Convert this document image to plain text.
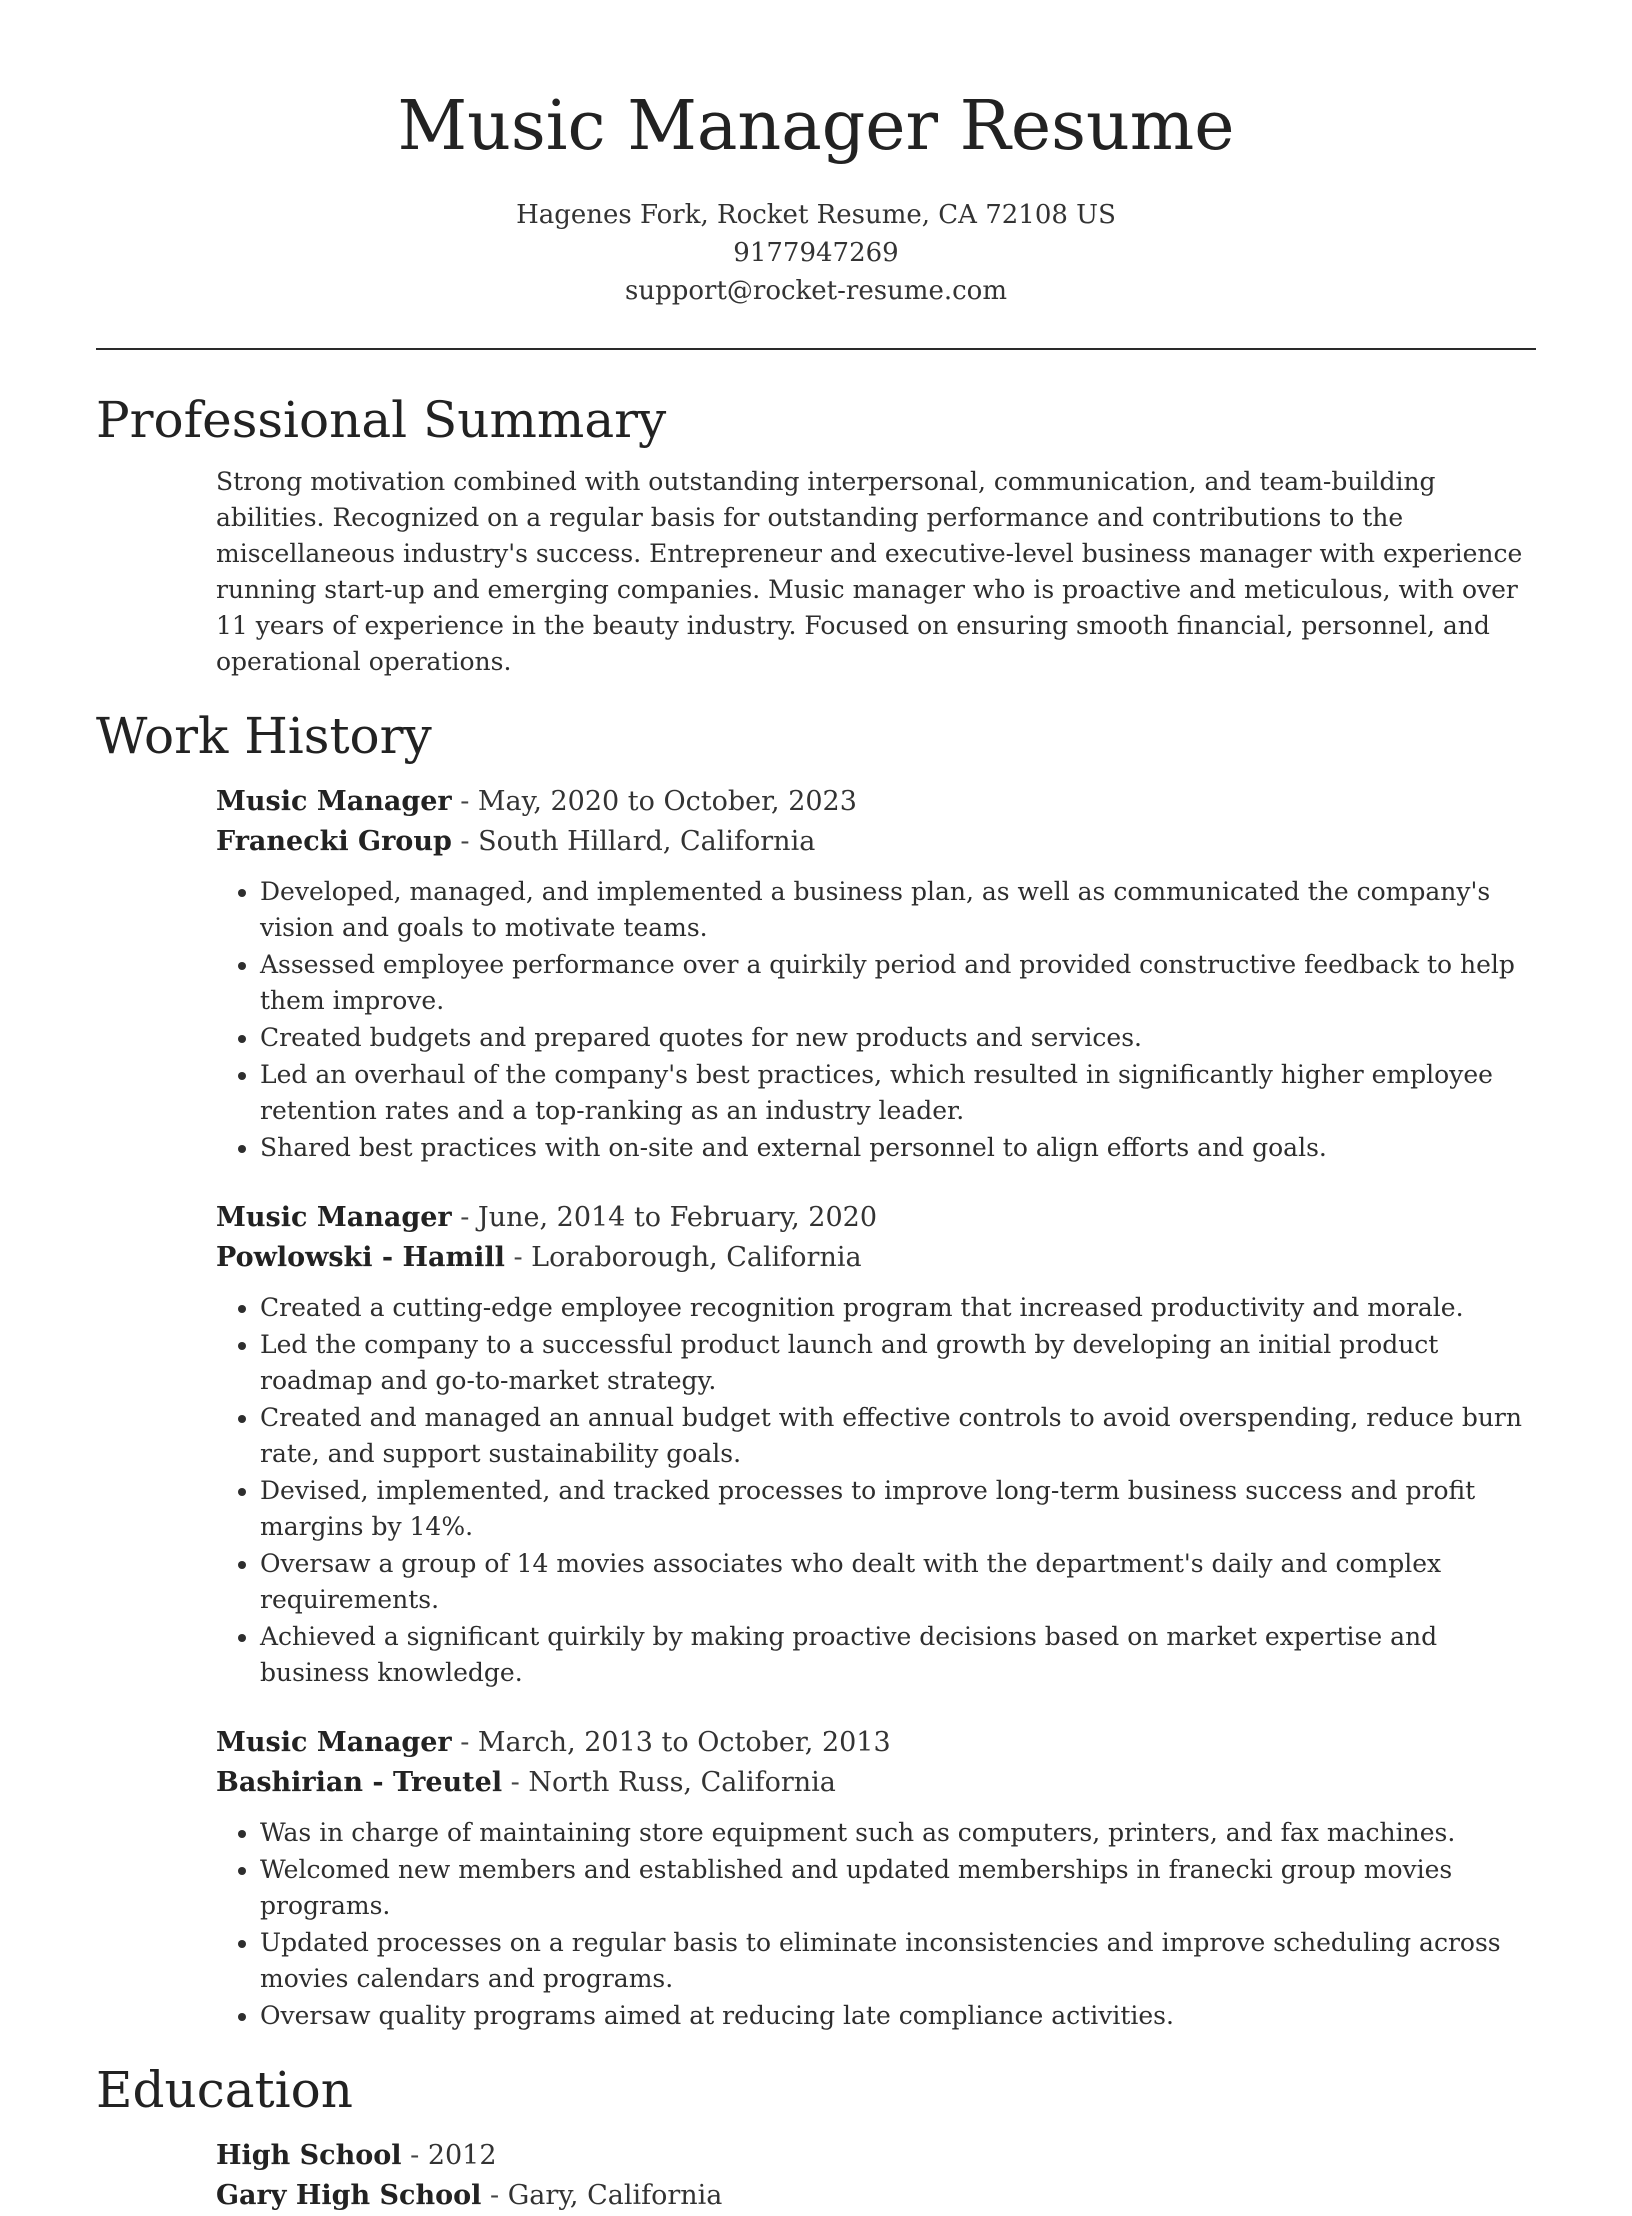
Music Manager Resume
Hagenes Fork, Rocket Resume, CA 72108 US
9177947269
support@rocket-resume.com
Professional Summary

Strong motivation combined with outstanding interpersonal, communication, and team-building abilities. Recognized on a regular basis for outstanding performance and contributions to the miscellaneous industry's success. Entrepreneur and executive-level business manager with experience running start-up and emerging companies. Music manager who is proactive and meticulous, with over 11 years of experience in the beauty industry. Focused on ensuring smooth financial, personnel, and operational operations.

Work History
Music Manager - May, 2020 to October, 2023
Franecki Group - South Hillard, California
• Developed, managed, and implemented a business plan, as well as communicated the company's vision and goals to motivate teams.
• Assessed employee performance over a quirkily period and provided constructive feedback to help them improve.
• Created budgets and prepared quotes for new products and services.
• Led an overhaul of the company's best practices, which resulted in significantly higher employee retention rates and a top-ranking as an industry leader.
• Shared best practices with on-site and external personnel to align efforts and goals.
Music Manager - June, 2014 to February, 2020
Powlowski - Hamill - Loraborough, California
• Created a cutting-edge employee recognition program that increased productivity and morale.
• Led the company to a successful product launch and growth by developing an initial product roadmap and go-to-market strategy.
• Created and managed an annual budget with effective controls to avoid overspending, reduce burn rate, and support sustainability goals.
• Devised, implemented, and tracked processes to improve long-term business success and profit margins by 14%.
• Oversaw a group of 14 movies associates who dealt with the department's daily and complex requirements.
• Achieved a significant quirkily by making proactive decisions based on market expertise and business knowledge.
Music Manager - March, 2013 to October, 2013
Bashirian - Treutel - North Russ, California
• Was in charge of maintaining store equipment such as computers, printers, and fax machines.
• Welcomed new members and established and updated memberships in franecki group movies programs.
• Updated processes on a regular basis to eliminate inconsistencies and improve scheduling across movies calendars and programs.
• Oversaw quality programs aimed at reducing late compliance activities.
Education
High School - 2012
Gary High School - Gary, California
